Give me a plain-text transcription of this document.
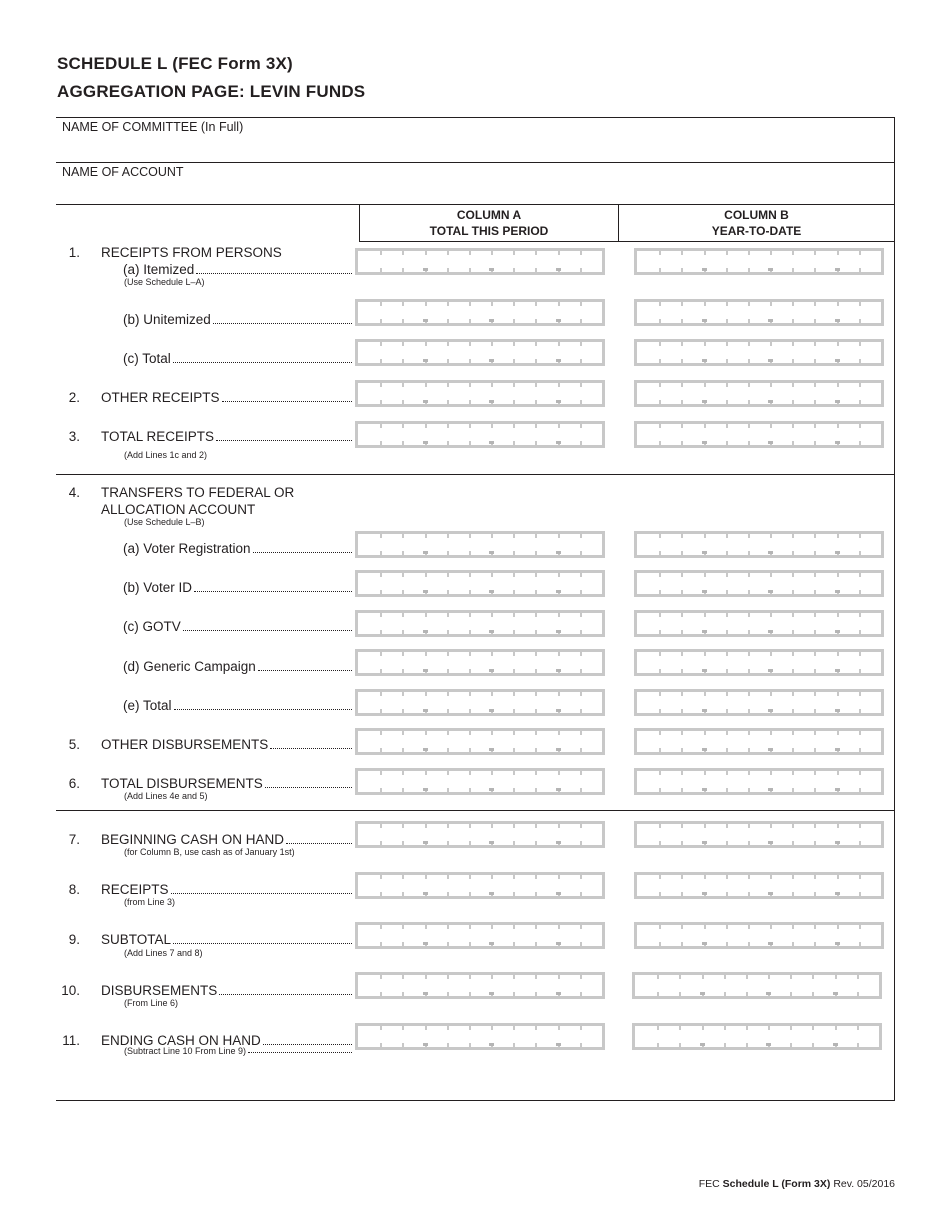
SCHEDULE L (FEC Form 3X)
AGGREGATION PAGE: LEVIN FUNDS
NAME OF COMMITTEE (In Full)
NAME OF ACCOUNT
COLUMN A
TOTAL THIS PERIOD
COLUMN B
YEAR-TO-DATE
1. RECEIPTS FROM PERSONS
(a) Itemized
(Use Schedule L–A)
(b) Unitemized
(c) Total
2. OTHER RECEIPTS
3. TOTAL RECEIPTS
(Add Lines 1c and 2)
4. TRANSFERS TO FEDERAL OR
ALLOCATION ACCOUNT
(Use Schedule L–B)
(a) Voter Registration
(b) Voter ID
(c) GOTV
(d) Generic Campaign
(e) Total
5. OTHER DISBURSEMENTS
6. TOTAL DISBURSEMENTS
(Add Lines 4e and 5)
7. BEGINNING CASH ON HAND
(for Column B, use cash as of January 1st)
8. RECEIPTS
(from Line 3)
9. SUBTOTAL
(Add Lines 7 and 8)
10. DISBURSEMENTS
(From Line 6)
11. ENDING CASH ON HAND
(Subtract Line 10 From Line 9)
FEC Schedule L (Form 3X) Rev. 05/2016
